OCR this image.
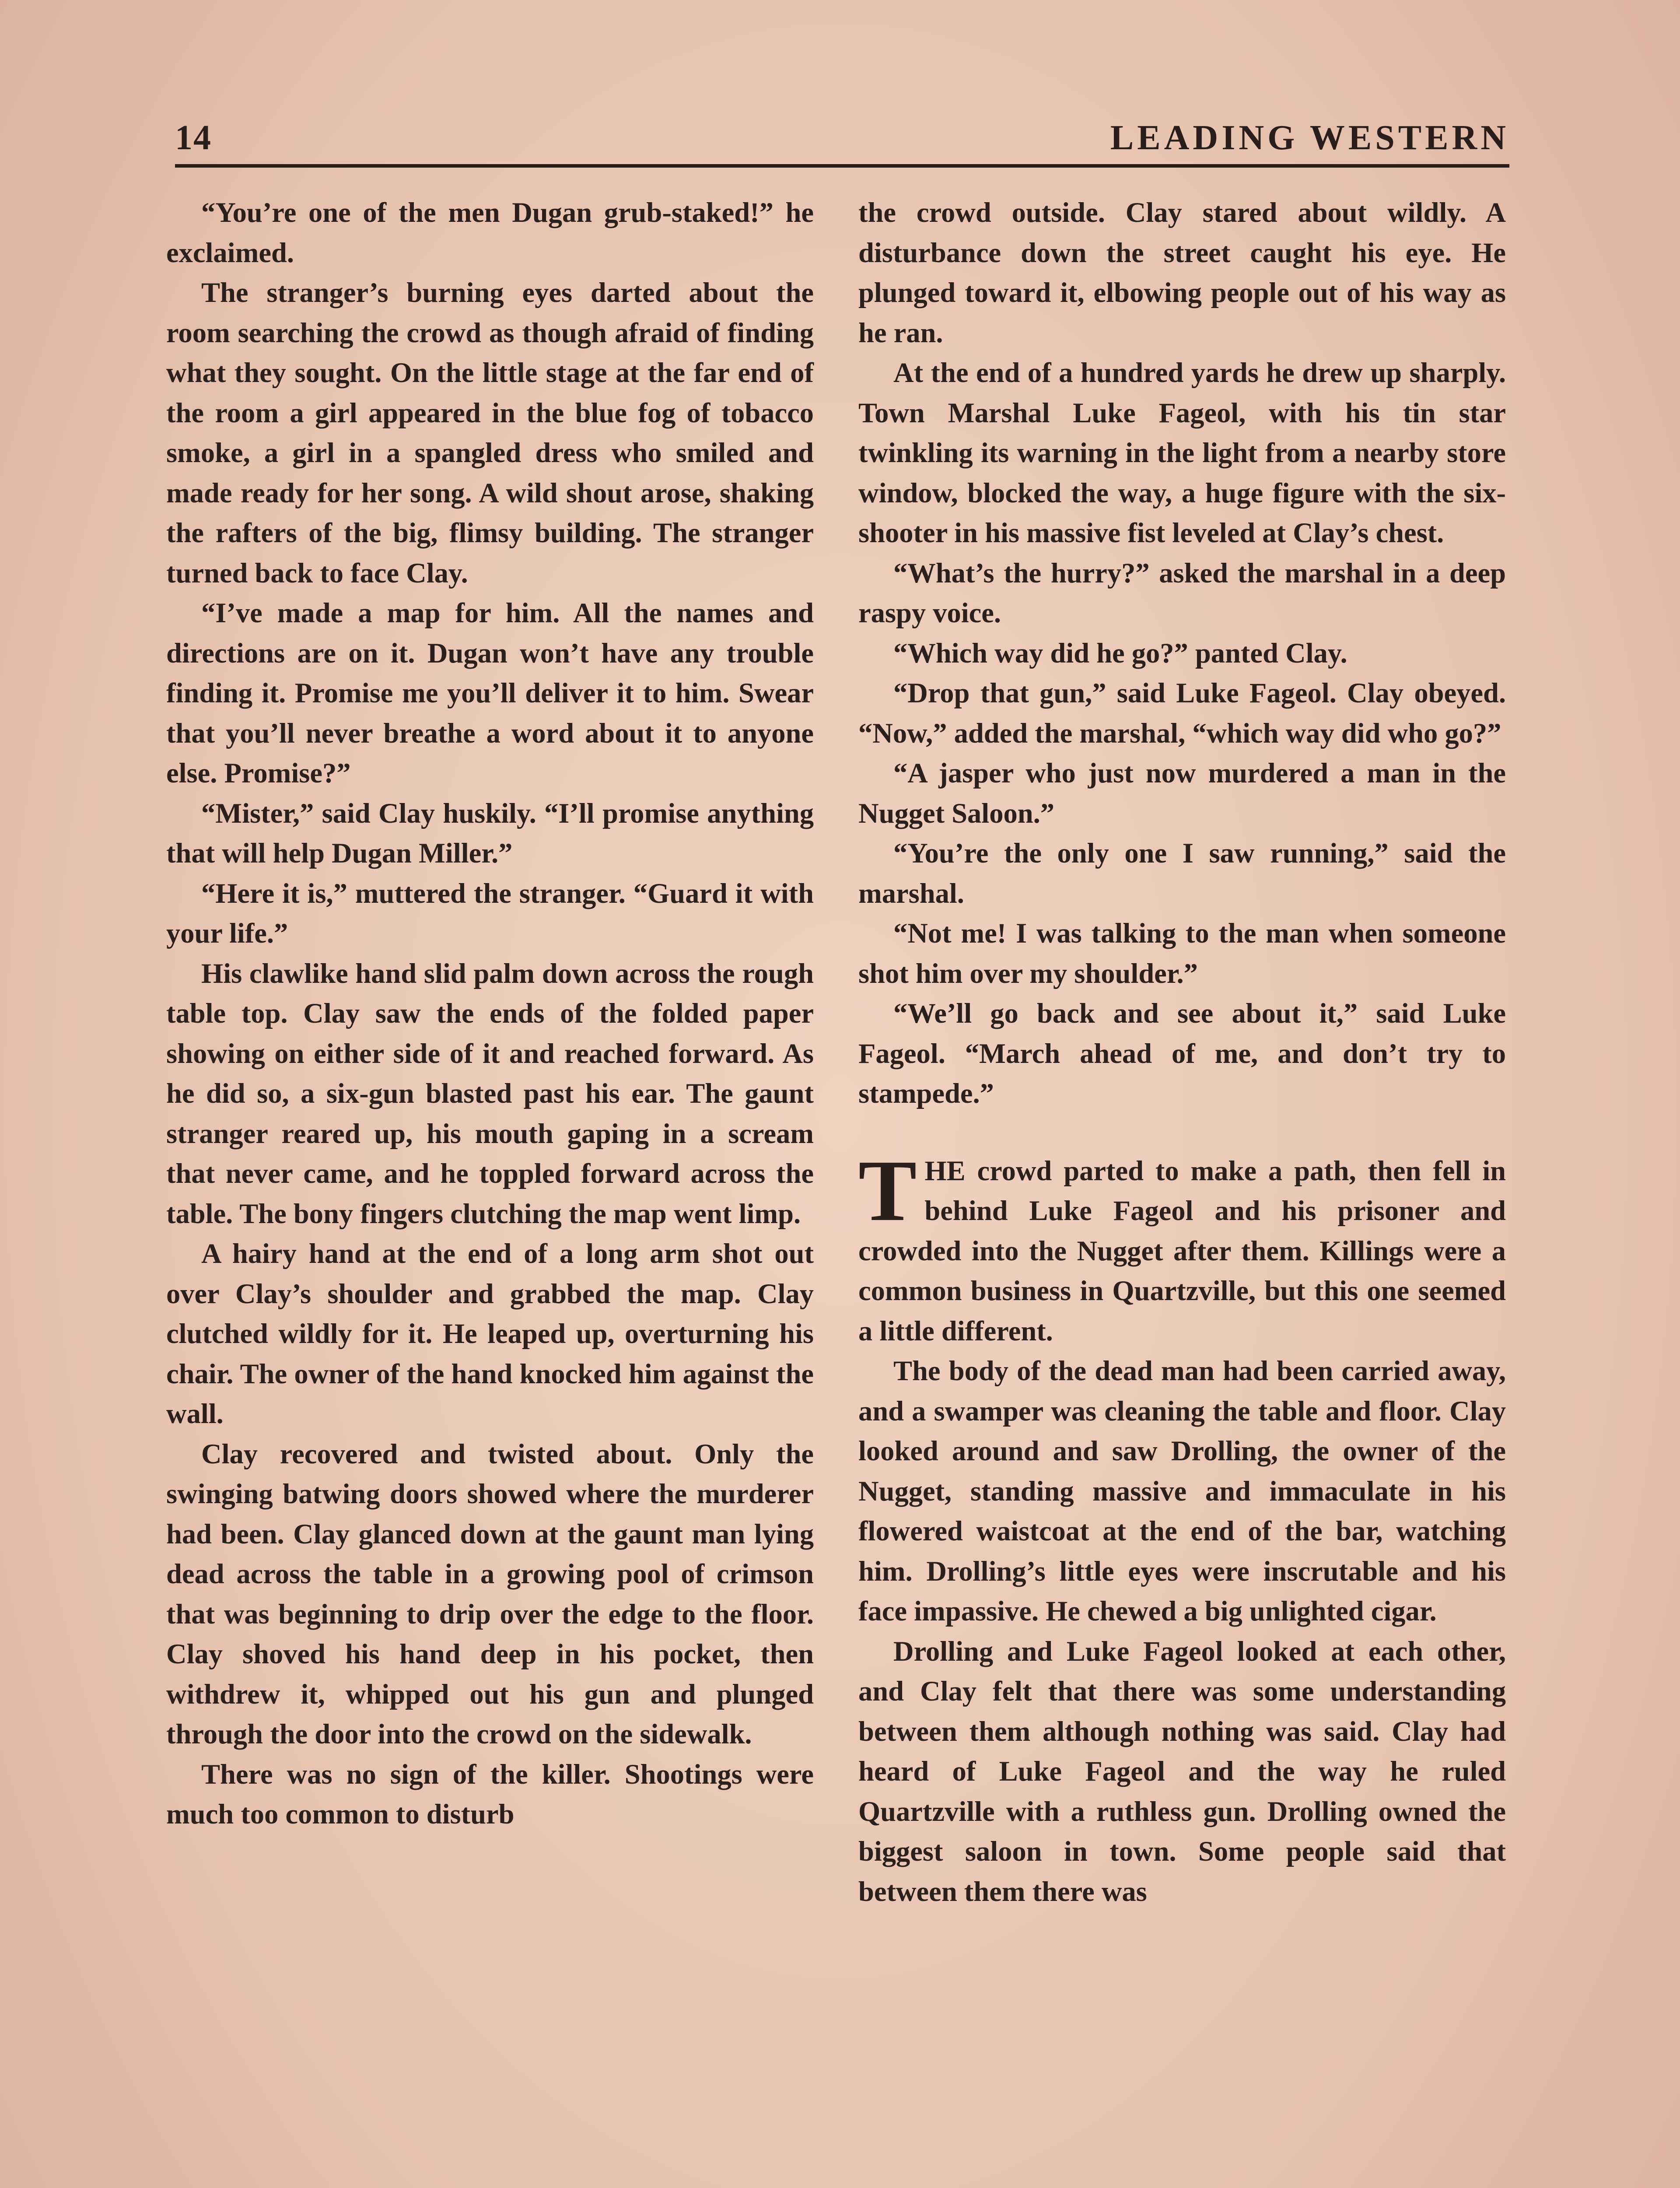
14	LEADING WESTERN

“You’re one of the men Dugan grub-staked!” he exclaimed.

The stranger’s burning eyes darted about the room searching the crowd as though afraid of finding what they sought. On the little stage at the far end of the room a girl appeared in the blue fog of tobacco smoke, a girl in a spangled dress who smiled and made ready for her song. A wild shout arose, shaking the rafters of the big, flimsy building. The stranger turned back to face Clay.

“I’ve made a map for him. All the names and directions are on it. Dugan won’t have any trouble finding it. Promise me you’ll deliver it to him. Swear that you’ll never breathe a word about it to anyone else. Promise?”

“Mister,” said Clay huskily. “I’ll promise anything that will help Dugan Miller.”

“Here it is,” muttered the stranger. “Guard it with your life.”

His clawlike hand slid palm down across the rough table top. Clay saw the ends of the folded paper showing on either side of it and reached forward. As he did so, a six-gun blasted past his ear. The gaunt stranger reared up, his mouth gaping in a scream that never came, and he toppled forward across the table. The bony fingers clutching the map went limp.

A hairy hand at the end of a long arm shot out over Clay’s shoulder and grabbed the map. Clay clutched wildly for it. He leaped up, overturning his chair. The owner of the hand knocked him against the wall.

Clay recovered and twisted about. Only the swinging batwing doors showed where the murderer had been. Clay glanced down at the gaunt man lying dead across the table in a growing pool of crimson that was beginning to drip over the edge to the floor. Clay shoved his hand deep in his pocket, then withdrew it, whipped out his gun and plunged through the door into the crowd on the sidewalk.

There was no sign of the killer. Shootings were much too common to disturb

the crowd outside. Clay stared about wildly. A disturbance down the street caught his eye. He plunged toward it, elbowing people out of his way as he ran.

At the end of a hundred yards he drew up sharply. Town Marshal Luke Fageol, with his tin star twinkling its warning in the light from a nearby store window, blocked the way, a huge figure with the six-shooter in his massive fist leveled at Clay’s chest.

“What’s the hurry?” asked the marshal in a deep raspy voice.

“Which way did he go?” panted Clay.

“Drop that gun,” said Luke Fageol. Clay obeyed. “Now,” added the marshal, “which way did who go?”

“A jasper who just now murdered a man in the Nugget Saloon.”

“You’re the only one I saw running,” said the marshal.

“Not me! I was talking to the man when someone shot him over my shoulder.”

“We’ll go back and see about it,” said Luke Fageol. “March ahead of me, and don’t try to stampede.”

THE crowd parted to make a path, then fell in behind Luke Fageol and his prisoner and crowded into the Nugget after them. Killings were a common business in Quartzville, but this one seemed a little different.

The body of the dead man had been carried away, and a swamper was cleaning the table and floor. Clay looked around and saw Drolling, the owner of the Nugget, standing massive and immaculate in his flowered waistcoat at the end of the bar, watching him. Drolling’s little eyes were inscrutable and his face impassive. He chewed a big unlighted cigar.

Drolling and Luke Fageol looked at each other, and Clay felt that there was some understanding between them although nothing was said. Clay had heard of Luke Fageol and the way he ruled Quartzville with a ruthless gun. Drolling owned the biggest saloon in town. Some people said that between them there was
